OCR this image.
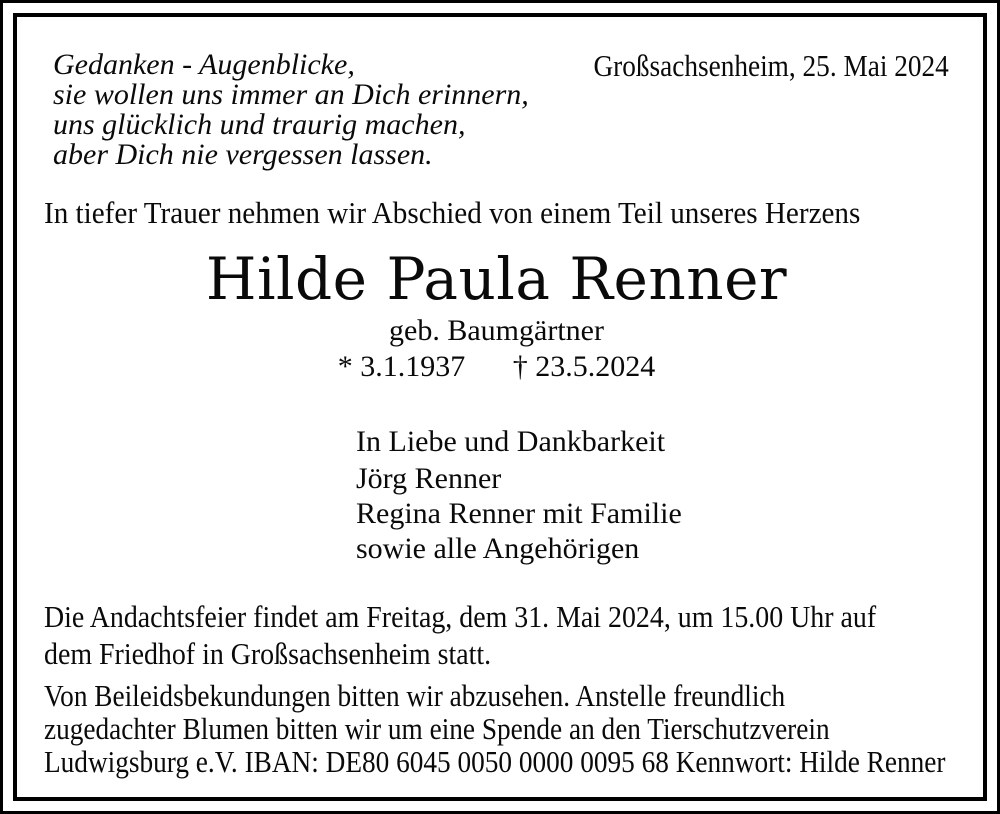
Gedanken - Augenblicke,
sie wollen uns immer an Dich erinnern,
uns glücklich und traurig machen,
aber Dich nie vergessen lassen.
Großsachsenheim, 25. Mai 2024
In tiefer Trauer nehmen wir Abschied von einem Teil unseres Herzens
Hilde Paula Renner
geb. Baumgärtner
* 3.1.1937 † 23.5.2024
In Liebe und Dankbarkeit
Jörg Renner
Regina Renner mit Familie
sowie alle Angehörigen
Die Andachtsfeier findet am Freitag, dem 31. Mai 2024, um 15.00 Uhr auf
dem Friedhof in Großsachsenheim statt.
Von Beileidsbekundungen bitten wir abzusehen. Anstelle freundlich
zugedachter Blumen bitten wir um eine Spende an den Tierschutzverein
Ludwigsburg e.V. IBAN: DE80 6045 0050 0000 0095 68 Kennwort: Hilde Renner
